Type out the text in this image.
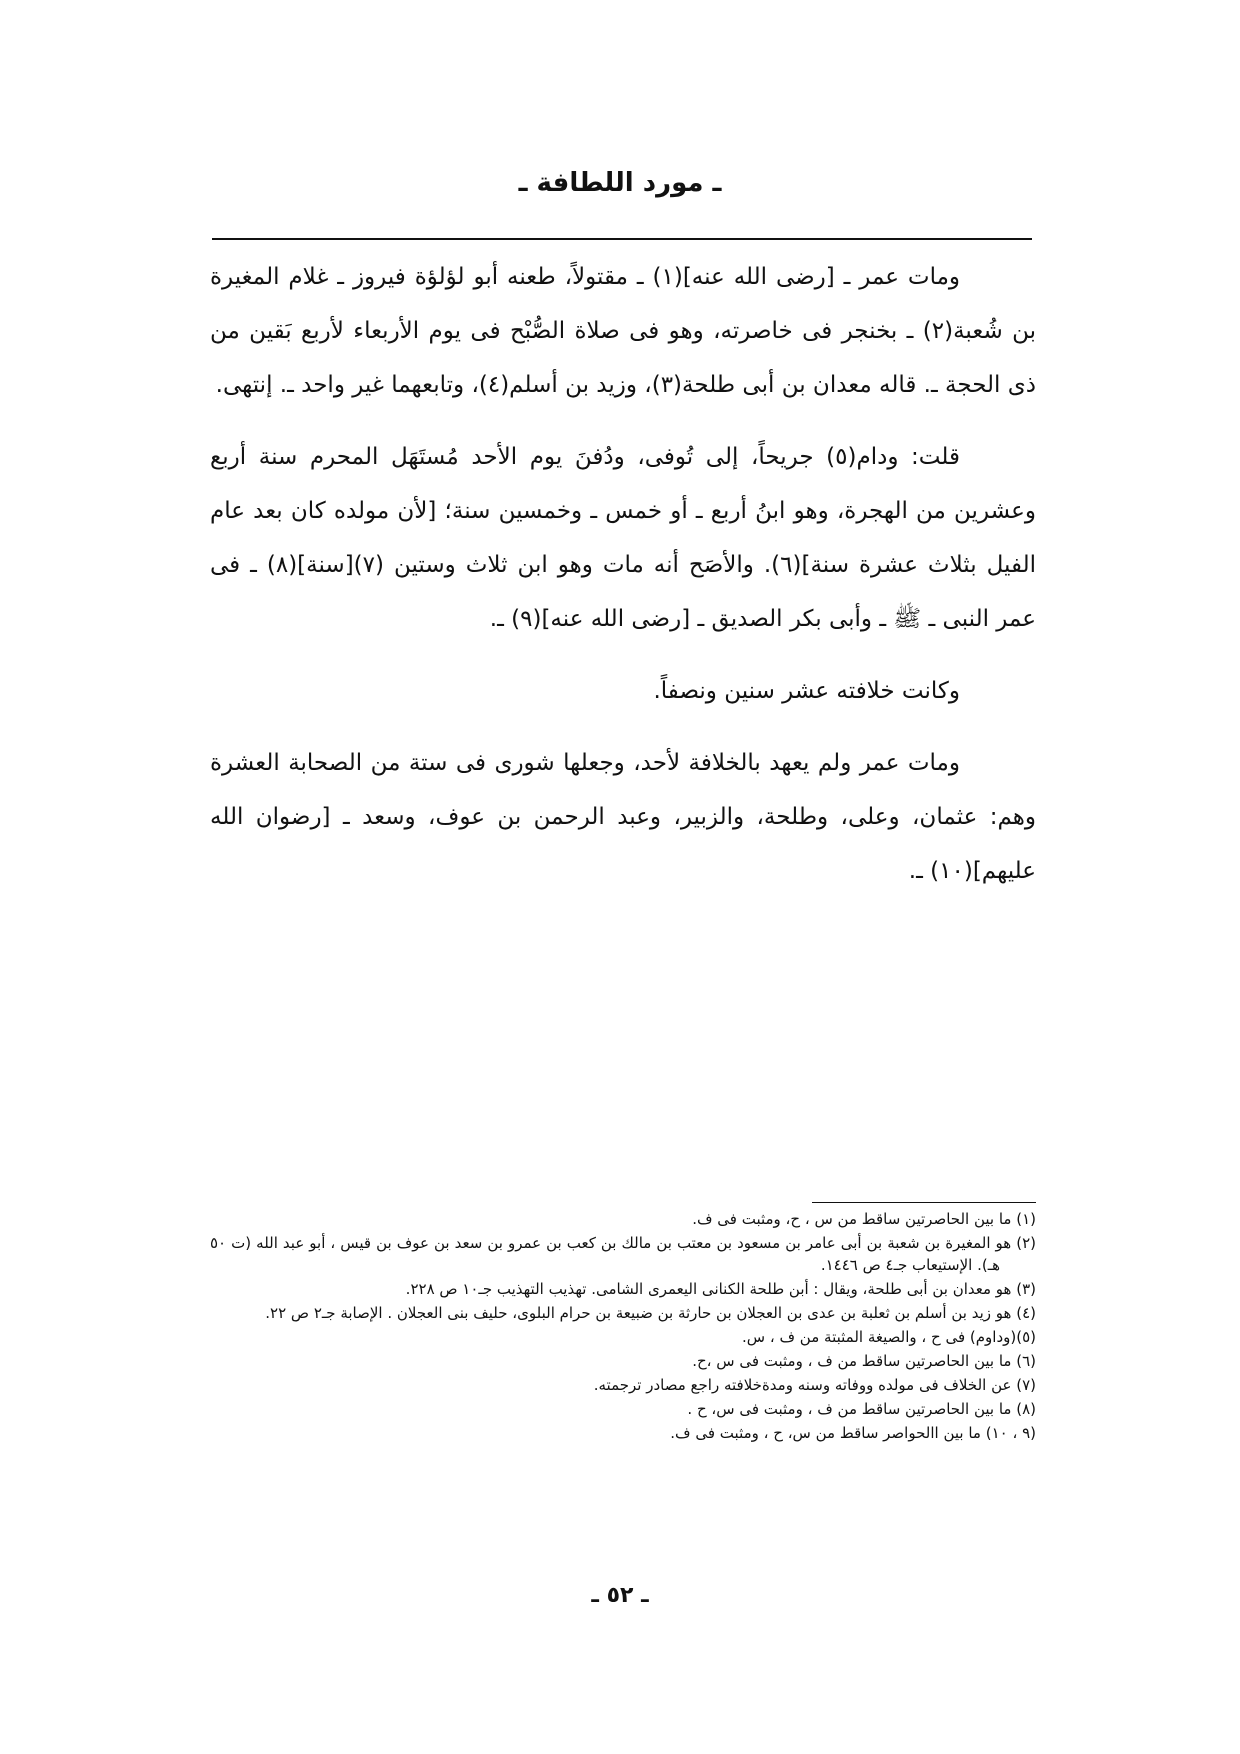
ـ مورد اللطافة ـ

ومات عمر ـ [رضى الله عنه](١) ـ مقتولاً، طعنه أبو لؤلؤة فيروز ـ غلام المغيرة بن شُعبة(٢) ـ بخنجر فى خاصرته، وهو فى صلاة الصُّبْح فى يوم الأربعاء لأربع بَقين من ذى الحجة ـ. قاله معدان بن أبى طلحة(٣)، وزيد بن أسلم(٤)، وتابعهما غير واحد ـ. إنتهى.

قلت: ودام(٥) جريحاً، إلى تُوفى، ودُفنَ يوم الأحد مُستَهَل المحرم سنة أربع وعشرين من الهجرة، وهو ابنُ أربع ـ أو خمس ـ وخمسين سنة؛ [لأن مولده كان بعد عام الفيل بثلاث عشرة سنة](٦). والأصَح أنه مات وهو ابن ثلاث وستين (٧)[سنة](٨) ـ فى عمر النبى ـ ﷺ ـ وأبى بكر الصديق ـ [رضى الله عنه](٩) ـ.

وكانت خلافته عشر سنين ونصفاً.

ومات عمر ولم يعهد بالخلافة لأحد، وجعلها شورى فى ستة من الصحابة العشرة وهم: عثمان، وعلى، وطلحة، والزبير، وعبد الرحمن بن عوف، وسعد ـ [رضوان الله عليهم](١٠) ـ.

(١) ما بين الحاصرتين ساقط من س ، ح، ومثبت فى ف.

(٢) هو المغيرة بن شعبة بن أبى عامر بن مسعود بن معتب بن مالك بن كعب بن عمرو بن سعد بن عوف بن قيس ، أبو عبد الله (ت ٥٠ هـ). الإستيعاب جـ٤ ص ١٤٤٦.

(٣) هو معدان بن أبى طلحة، ويقال : أبن طلحة الكنانى اليعمرى الشامى. تهذيب التهذيب جـ١٠ ص ٢٢٨.

(٤) هو زيد بن أسلم بن ثعلبة بن عدى بن العجلان بن حارثة بن ضبيعة بن حرام البلوى، حليف بنى العجلان . الإصابة جـ٢ ص ٢٢.

(٥)(وداوم) فى ح ، والصيغة المثبتة من ف ، س.

(٦) ما بين الحاصرتين ساقط من ف ، ومثبت فى س ،ح.

(٧) عن الخلاف فى مولده ووفاته وسنه ومدةخلافته راجع مصادر ترجمته.

(٨) ما بين الحاصرتين ساقط من ف ، ومثبت فى س، ح .

(٩ ، ١٠) ما بين االحواصر ساقط من س، ح ، ومثبت فى ف.

ـ ٥٢ ـ
